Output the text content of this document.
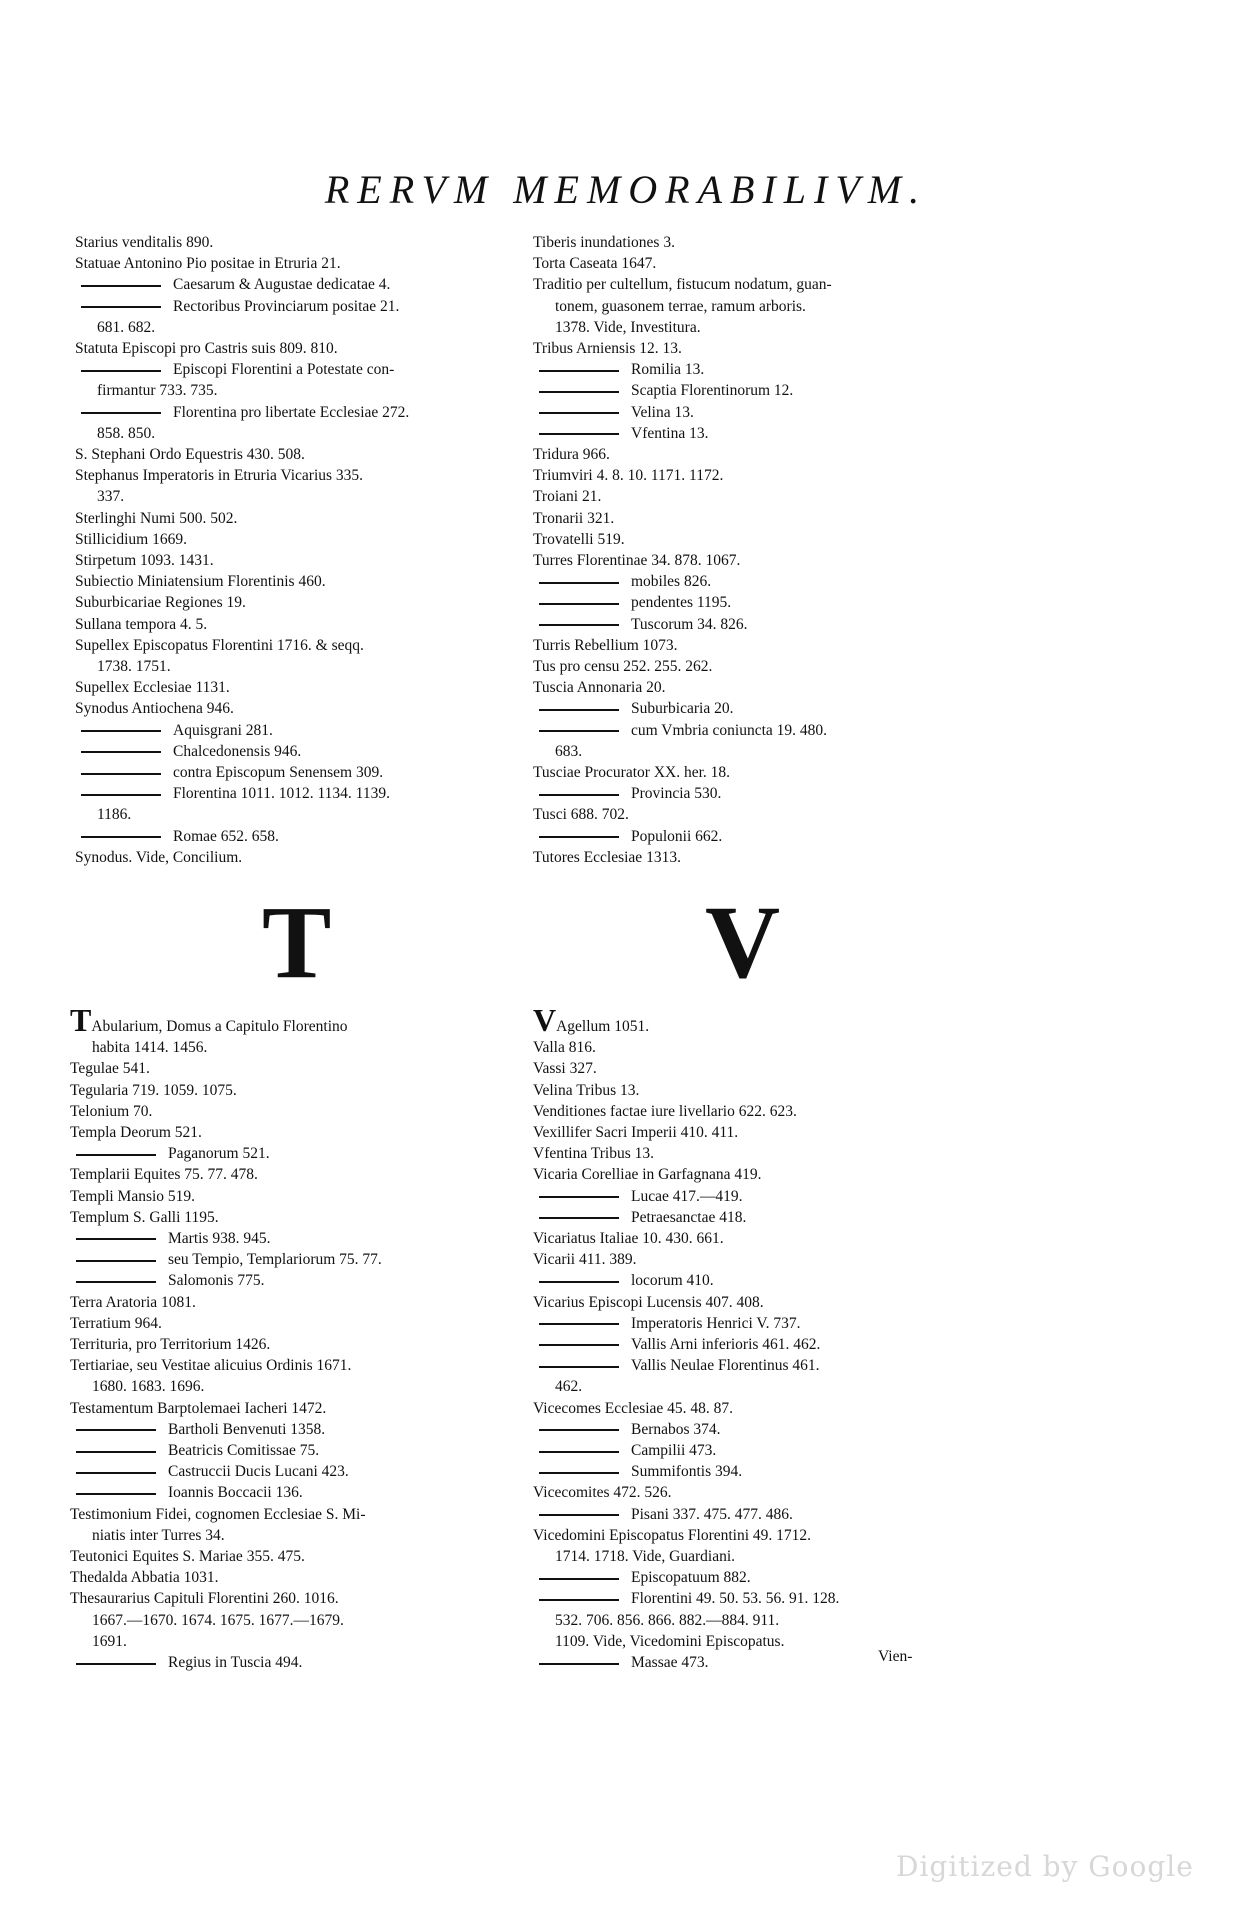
RERVM MEMORABILIVM.
Starius venditalis 890.
Statuae Antonino Pio positae in Etruria 21.
Caesarum & Augustae dedicatae 4.
Rectoribus Provinciarum positae 21.
681. 682.
Statuta Episcopi pro Castris suis 809. 810.
Episcopi Florentini a Potestate con-
firmantur 733. 735.
Florentina pro libertate Ecclesiae 272.
858. 850.
S. Stephani Ordo Equestris 430. 508.
Stephanus Imperatoris in Etruria Vicarius 335.
337.
Sterlinghi Numi 500. 502.
Stillicidium 1669.
Stirpetum 1093. 1431.
Subiectio Miniatensium Florentinis 460.
Suburbicariae Regiones 19.
Sullana tempora 4. 5.
Supellex Episcopatus Florentini 1716. & seqq.
1738. 1751.
Supellex Ecclesiae 1131.
Synodus Antiochena 946.
Aquisgrani 281.
Chalcedonensis 946.
contra Episcopum Senensem 309.
Florentina 1011. 1012. 1134. 1139.
1186.
Romae 652. 658.
Synodus. Vide, Concilium.
Tiberis inundationes 3.
Torta Caseata 1647.
Traditio per cultellum, fistucum nodatum, guan-
tonem, guasonem terrae, ramum arboris.
1378. Vide, Investitura.
Tribus Arniensis 12. 13.
Romilia 13.
Scaptia Florentinorum 12.
Velina 13.
Vfentina 13.
Tridura 966.
Triumviri 4. 8. 10. 1171. 1172.
Troiani 21.
Tronarii 321.
Trovatelli 519.
Turres Florentinae 34. 878. 1067.
mobiles 826.
pendentes 1195.
Tuscorum 34. 826.
Turris Rebellium 1073.
Tus pro censu 252. 255. 262.
Tuscia Annonaria 20.
Suburbicaria 20.
cum Vmbria coniuncta 19. 480.
683.
Tusciae Procurator XX. her. 18.
Provincia 530.
Tusci 688. 702.
Populonii 662.
Tutores Ecclesiae 1313.
T	V
TAbularium, Domus a Capitulo Florentino
habita 1414. 1456.
Tegulae 541.
Tegularia 719. 1059. 1075.
Telonium 70.
Templa Deorum 521.
Paganorum 521.
Templarii Equites 75. 77. 478.
Templi Mansio 519.
Templum S. Galli 1195.
Martis 938. 945.
seu Tempio, Templariorum 75. 77.
Salomonis 775.
Terra Aratoria 1081.
Terratium 964.
Territuria, pro Territorium 1426.
Tertiariae, seu Vestitae alicuius Ordinis 1671.
1680. 1683. 1696.
Testamentum Barptolemaei Iacheri 1472.
Bartholi Benvenuti 1358.
Beatricis Comitissae 75.
Castruccii Ducis Lucani 423.
Ioannis Boccacii 136.
Testimonium Fidei, cognomen Ecclesiae S. Mi-
niatis inter Turres 34.
Teutonici Equites S. Mariae 355. 475.
Thedalda Abbatia 1031.
Thesaurarius Capituli Florentini 260. 1016.
1667.—1670. 1674. 1675. 1677.—1679.
1691.
Regius in Tuscia 494.
VAgellum 1051.
Valla 816.
Vassi 327.
Velina Tribus 13.
Venditiones factae iure livellario 622. 623.
Vexillifer Sacri Imperii 410. 411.
Vfentina Tribus 13.
Vicaria Corelliae in Garfagnana 419.
Lucae 417.—419.
Petraesanctae 418.
Vicariatus Italiae 10. 430. 661.
Vicarii 411. 389.
locorum 410.
Vicarius Episcopi Lucensis 407. 408.
Imperatoris Henrici V. 737.
Vallis Arni inferioris 461. 462.
Vallis Neulae Florentinus 461.
462.
Vicecomes Ecclesiae 45. 48. 87.
Bernabos 374.
Campilii 473.
Summifontis 394.
Vicecomites 472. 526.
Pisani 337. 475. 477. 486.
Vicedomini Episcopatus Florentini 49. 1712.
1714. 1718. Vide, Guardiani.
Episcopatuum 882.
Florentini 49. 50. 53. 56. 91. 128.
532. 706. 856. 866. 882.—884. 911.
1109. Vide, Vicedomini Episcopatus.
Massae 473.	Vien-
Digitized by Google
